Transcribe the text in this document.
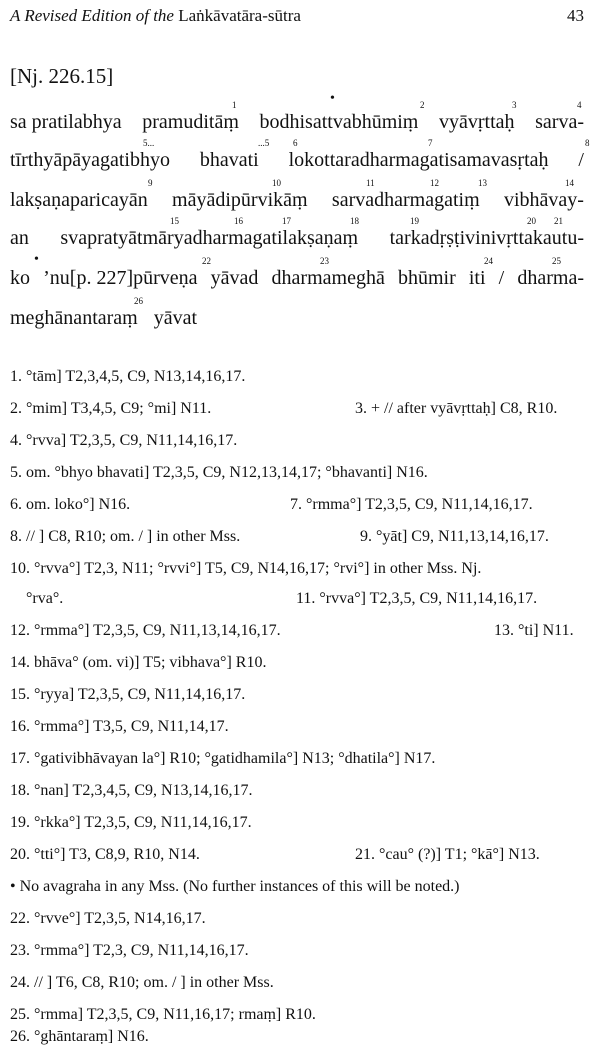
A Revised Edition of the Laṅkāvatāra-sūtra	43
[Nj. 226.15]
1	•	2	3	4
sa pratilabhya pramuditāṃ bodhisattvabhūmiṃ vyāvṛttaḥ sarva-
5...	...5	6	7	8
tīrthyāpāyagatibhyo bhavati lokottaradharmagatisamavasṛtaḥ /
9	10	11	12	13	14
lakṣaṇaparicayān māyādipūrvikāṃ sarvadharmagatiṃ vibhāvay-
15	16	17	18	19	20 21
an svapratyātmāryadharmagatilakṣaṇaṃ tarkadṛṣṭivinivṛttakautu-
•	22	23	24	25
ko ’nu[p. 227]pūrveṇa yāvad dharmameghā bhūmir iti / dharma-
26
meghānantaraṃ yāvat
1. °tām] T2,3,4,5, C9, N13,14,16,17.
2. °mim] T3,4,5, C9; °mi] N11.	3. + // after vyāvṛttaḥ] C8, R10.
4. °rvva] T2,3,5, C9, N11,14,16,17.
5. om. °bhyo bhavati] T2,3,5, C9, N12,13,14,17; °bhavanti] N16.
6. om. loko°] N16.	7. °rmma°] T2,3,5, C9, N11,14,16,17.
8. // ] C8, R10; om. / ] in other Mss.	9. °yāt] C9, N11,13,14,16,17.
10. °rvva°] T2,3, N11; °rvvi°] T5, C9, N14,16,17; °rvi°] in other Mss. Nj.
°rva°.	11. °rvva°] T2,3,5, C9, N11,14,16,17.
12. °rmma°] T2,3,5, C9, N11,13,14,16,17.	13. °ti] N11.
14. bhāva° (om. vi)] T5; vibhava°] R10.
15. °ryya] T2,3,5, C9, N11,14,16,17.
16. °rmma°] T3,5, C9, N11,14,17.
17. °gativibhāvayan la°] R10; °gatidhamila°] N13; °dhatila°] N17.
18. °nan] T2,3,4,5, C9, N13,14,16,17.
19. °rkka°] T2,3,5, C9, N11,14,16,17.
20. °tti°] T3, C8,9, R10, N14.	21. °cau° (?)] T1; °kā°] N13.
• No avagraha in any Mss. (No further instances of this will be noted.)
22. °rvve°] T2,3,5, N14,16,17.
23. °rmma°] T2,3, C9, N11,14,16,17.
24. // ] T6, C8, R10; om. / ] in other Mss.
25. °rmma] T2,3,5, C9, N11,16,17; rmaṃ] R10.
26. °ghāntaraṃ] N16.
